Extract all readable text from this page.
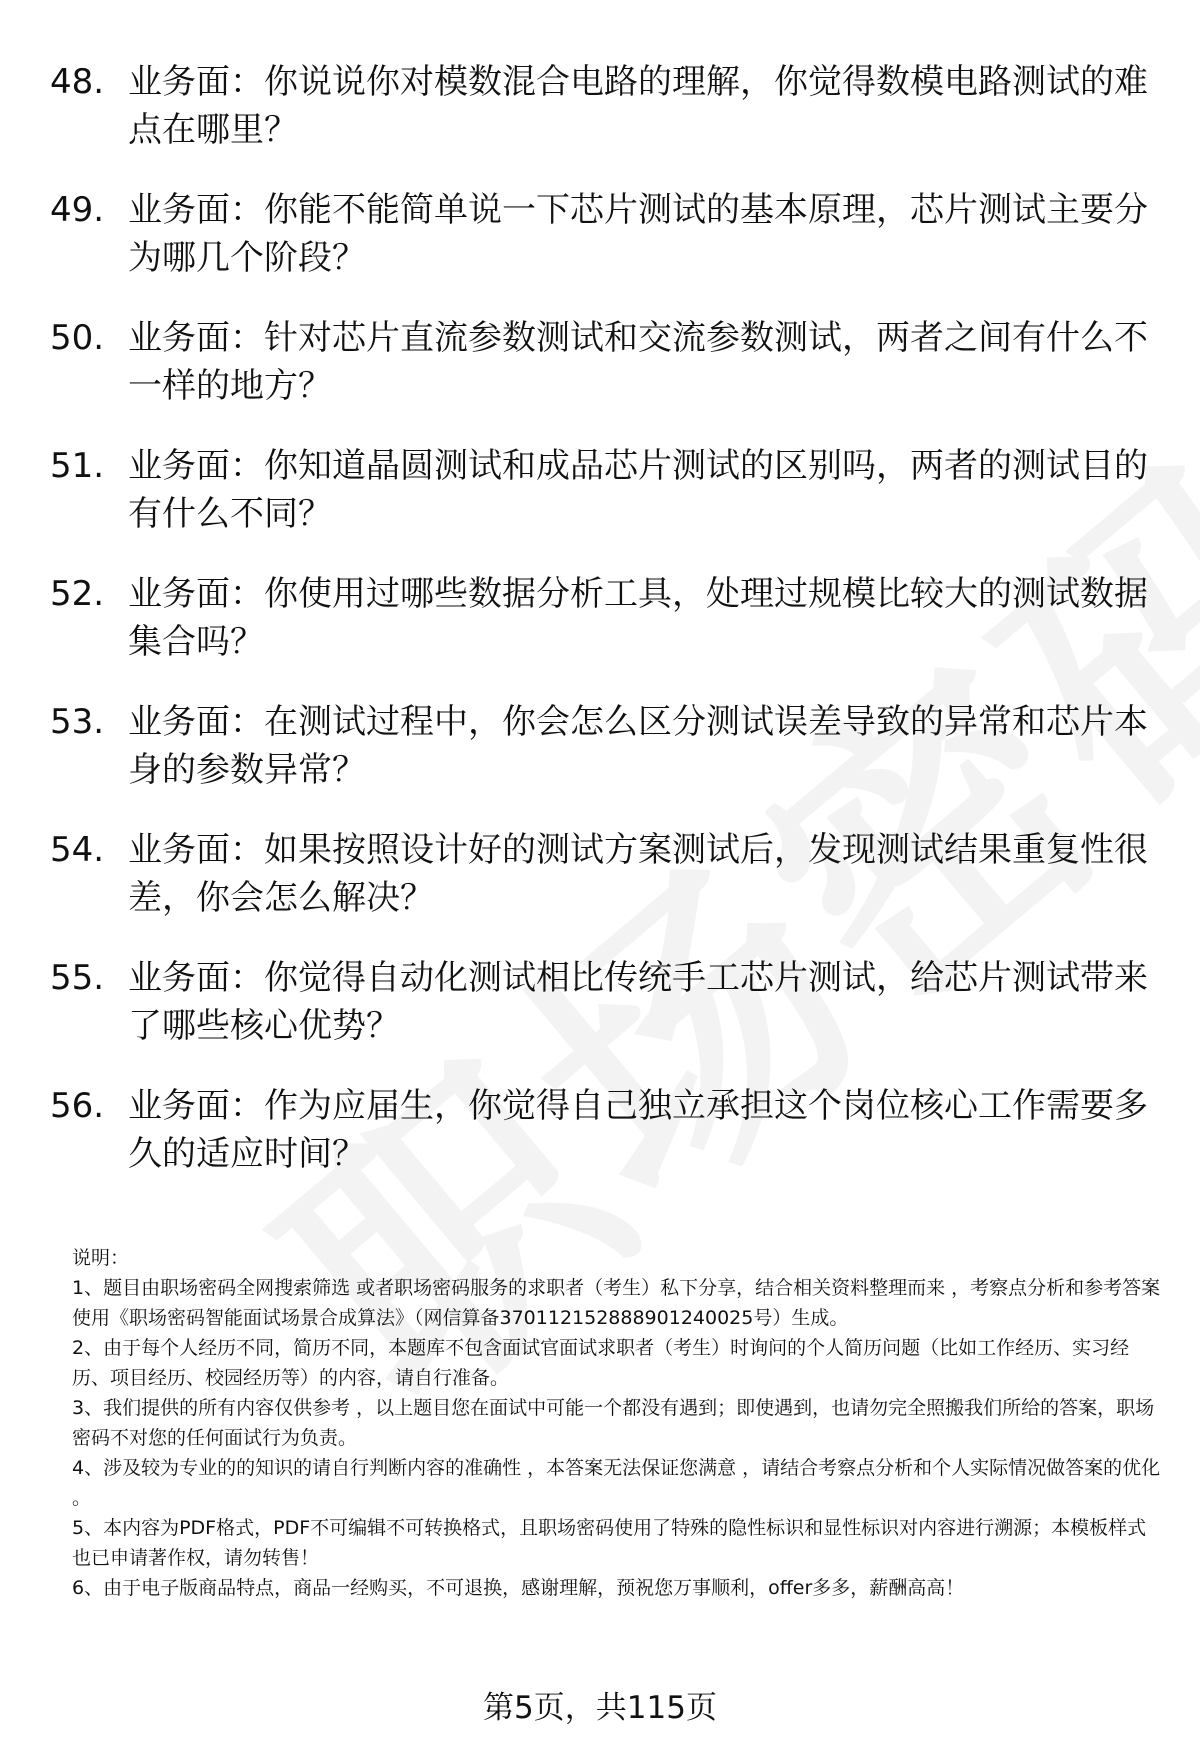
48. 业务面：你说说你对模数混合电路的理解，你觉得数模电路测试的难点在哪里？
49. 业务面：你能不能简单说一下芯片测试的基本原理，芯片测试主要分为哪几个阶段？
50. 业务面：针对芯片直流参数测试和交流参数测试，两者之间有什么不一样的地方？
51. 业务面：你知道晶圆测试和成品芯片测试的区别吗，两者的测试目的有什么不同？
52. 业务面：你使用过哪些数据分析工具，处理过规模比较大的测试数据集合吗？
53. 业务面：在测试过程中，你会怎么区分测试误差导致的异常和芯片本身的参数异常？
54. 业务面：如果按照设计好的测试方案测试后，发现测试结果重复性很差，你会怎么解决？
55. 业务面：你觉得自动化测试相比传统手工芯片测试，给芯片测试带来了哪些核心优势？
56. 业务面：作为应届生，你觉得自己独立承担这个岗位核心工作需要多久的适应时间？

说明：

1、题目由职场密码全网搜索筛选 或者职场密码服务的求职者（考生）私下分享，结合相关资料整理而来 ，考察点分析和参考答案使用《职场密码智能面试场景合成算法》（网信算备370112152888901240025号）生成。

2、由于每个人经历不同，简历不同，本题库不包含面试官面试求职者（考生）时询问的个人简历问题（比如工作经历、实习经历、项目经历、校园经历等）的内容，请自行准备。

3、我们提供的所有内容仅供参考 ，以上题目您在面试中可能一个都没有遇到；即使遇到，也请勿完全照搬我们所给的答案，职场密码不对您的任何面试行为负责。

4、涉及较为专业的的知识的请自行判断内容的准确性 ，本答案无法保证您满意 ，请结合考察点分析和个人实际情况做答案的优化 。

5、本内容为PDF格式，PDF不可编辑不可转换格式，且职场密码使用了特殊的隐性标识和显性标识对内容进行溯源；本模板样式也已申请著作权，请勿转售！

6、由于电子版商品特点，商品一经购买，不可退换，感谢理解，预祝您万事顺利，offer多多，薪酬高高！

第5页，共115页
